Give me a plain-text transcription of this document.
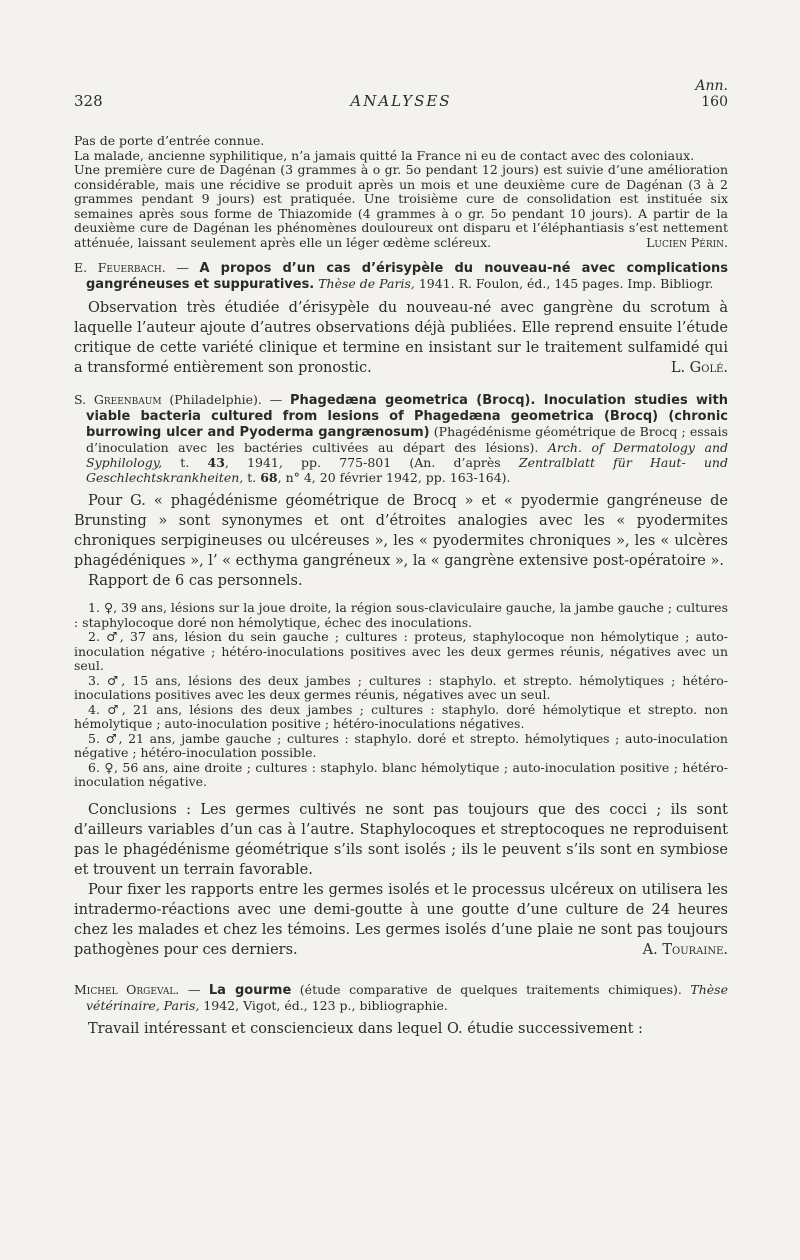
Ann.
160
328	ANALYSES

Pas de porte d’entrée connue.

La malade, ancienne syphilitique, n’a jamais quitté la France ni eu de contact avec des coloniaux.

Une première cure de Dagénan (3 grammes à o gr. 5o pendant 12 jours) est suivie d’une amélioration considérable, mais une récidive se produit après un mois et une deuxième cure de Dagénan (3 à 2 grammes pendant 9 jours) est pratiquée. Une troisième cure de consolidation est instituée six semaines après sous forme de Thiazomide (4 grammes à o gr. 5o pendant 10 jours). A partir de la deuxième cure de Dagénan les phénomènes douloureux ont disparu et l’éléphantiasis s’est nettement atténuée, laissant seulement après elle un léger œdème scléreux.	Lucien Périn.

E. Feuerbach. — A propos d’un cas d’érisypèle du nouveau-né avec complications gangréneuses et suppuratives. Thèse de Paris, 1941. R. Foulon, éd., 145 pages. Imp. Bibliogr.

Observation très étudiée d’érisypèle du nouveau-né avec gangrène du scrotum à laquelle l’auteur ajoute d’autres observations déjà publiées. Elle reprend ensuite l’étude critique de cette variété clinique et termine en insistant sur le traitement sulfamidé qui a transformé entièrement son pronostic.	L. Golé.

S. Greenbaum (Philadelphie). — Phagedæna geometrica (Brocq). Inoculation studies with viable bacteria cultured from lesions of Phagedæna geometrica (Brocq) (chronic burrowing ulcer and Pyoderma gangrænosum) (Phagédénisme géométrique de Brocq ; essais d’inoculation avec les bactéries cultivées au départ des lésions). Arch. of Dermatology and Syphilology, t. 43, 1941, pp. 775-801 (An. d’après Zentralblatt für Haut- und Geschlechtskrankheiten, t. 68, n° 4, 20 février 1942, pp. 163-164).

Pour G. « phagédénisme géométrique de Brocq » et « pyodermie gangréneuse de Brunsting » sont synonymes et ont d’étroites analogies avec les « pyodermites chroniques serpigineuses ou ulcéreuses », les « pyodermites chroniques », les « ulcères phagédéniques », l’ « ecthyma gangréneux », la « gangrène extensive post-opératoire ».

Rapport de 6 cas personnels.

1. ♀, 39 ans, lésions sur la joue droite, la région sous-claviculaire gauche, la jambe gauche ; cultures : staphylocoque doré non hémolytique, échec des inoculations.

2. ♂, 37 ans, lésion du sein gauche ; cultures : proteus, staphylocoque non hémolytique ; auto-inoculation négative ; hétéro-inoculations positives avec les deux germes réunis, négatives avec un seul.

3. ♂, 15 ans, lésions des deux jambes ; cultures : staphylo. et strepto. hémolytiques ; hétéro-inoculations positives avec les deux germes réunis, négatives avec un seul.

4. ♂, 21 ans, lésions des deux jambes ; cultures : staphylo. doré hémolytique et strepto. non hémolytique ; auto-inoculation positive ; hétéro-inoculations négatives.

5. ♂, 21 ans, jambe gauche ; cultures : staphylo. doré et strepto. hémolytiques ; auto-inoculation négative ; hétéro-inoculation possible.

6. ♀, 56 ans, aine droite ; cultures : staphylo. blanc hémolytique ; auto-inoculation positive ; hétéro-inoculation négative.

Conclusions : Les germes cultivés ne sont pas toujours que des cocci ; ils sont d’ailleurs variables d’un cas à l’autre. Staphylocoques et streptocoques ne reproduisent pas le phagédénisme géométrique s’ils sont isolés ; ils le peuvent s’ils sont en symbiose et trouvent un terrain favorable.

Pour fixer les rapports entre les germes isolés et le processus ulcéreux on utilisera les intradermo-réactions avec une demi-goutte à une goutte d’une culture de 24 heures chez les malades et chez les témoins. Les germes isolés d’une plaie ne sont pas toujours pathogènes pour ces derniers.	A. Touraine.

Michel Orgeval. — La gourme (étude comparative de quelques traitements chimiques). Thèse vétérinaire, Paris, 1942, Vigot, éd., 123 p., bibliographie.

Travail intéressant et consciencieux dans lequel O. étudie successivement :
